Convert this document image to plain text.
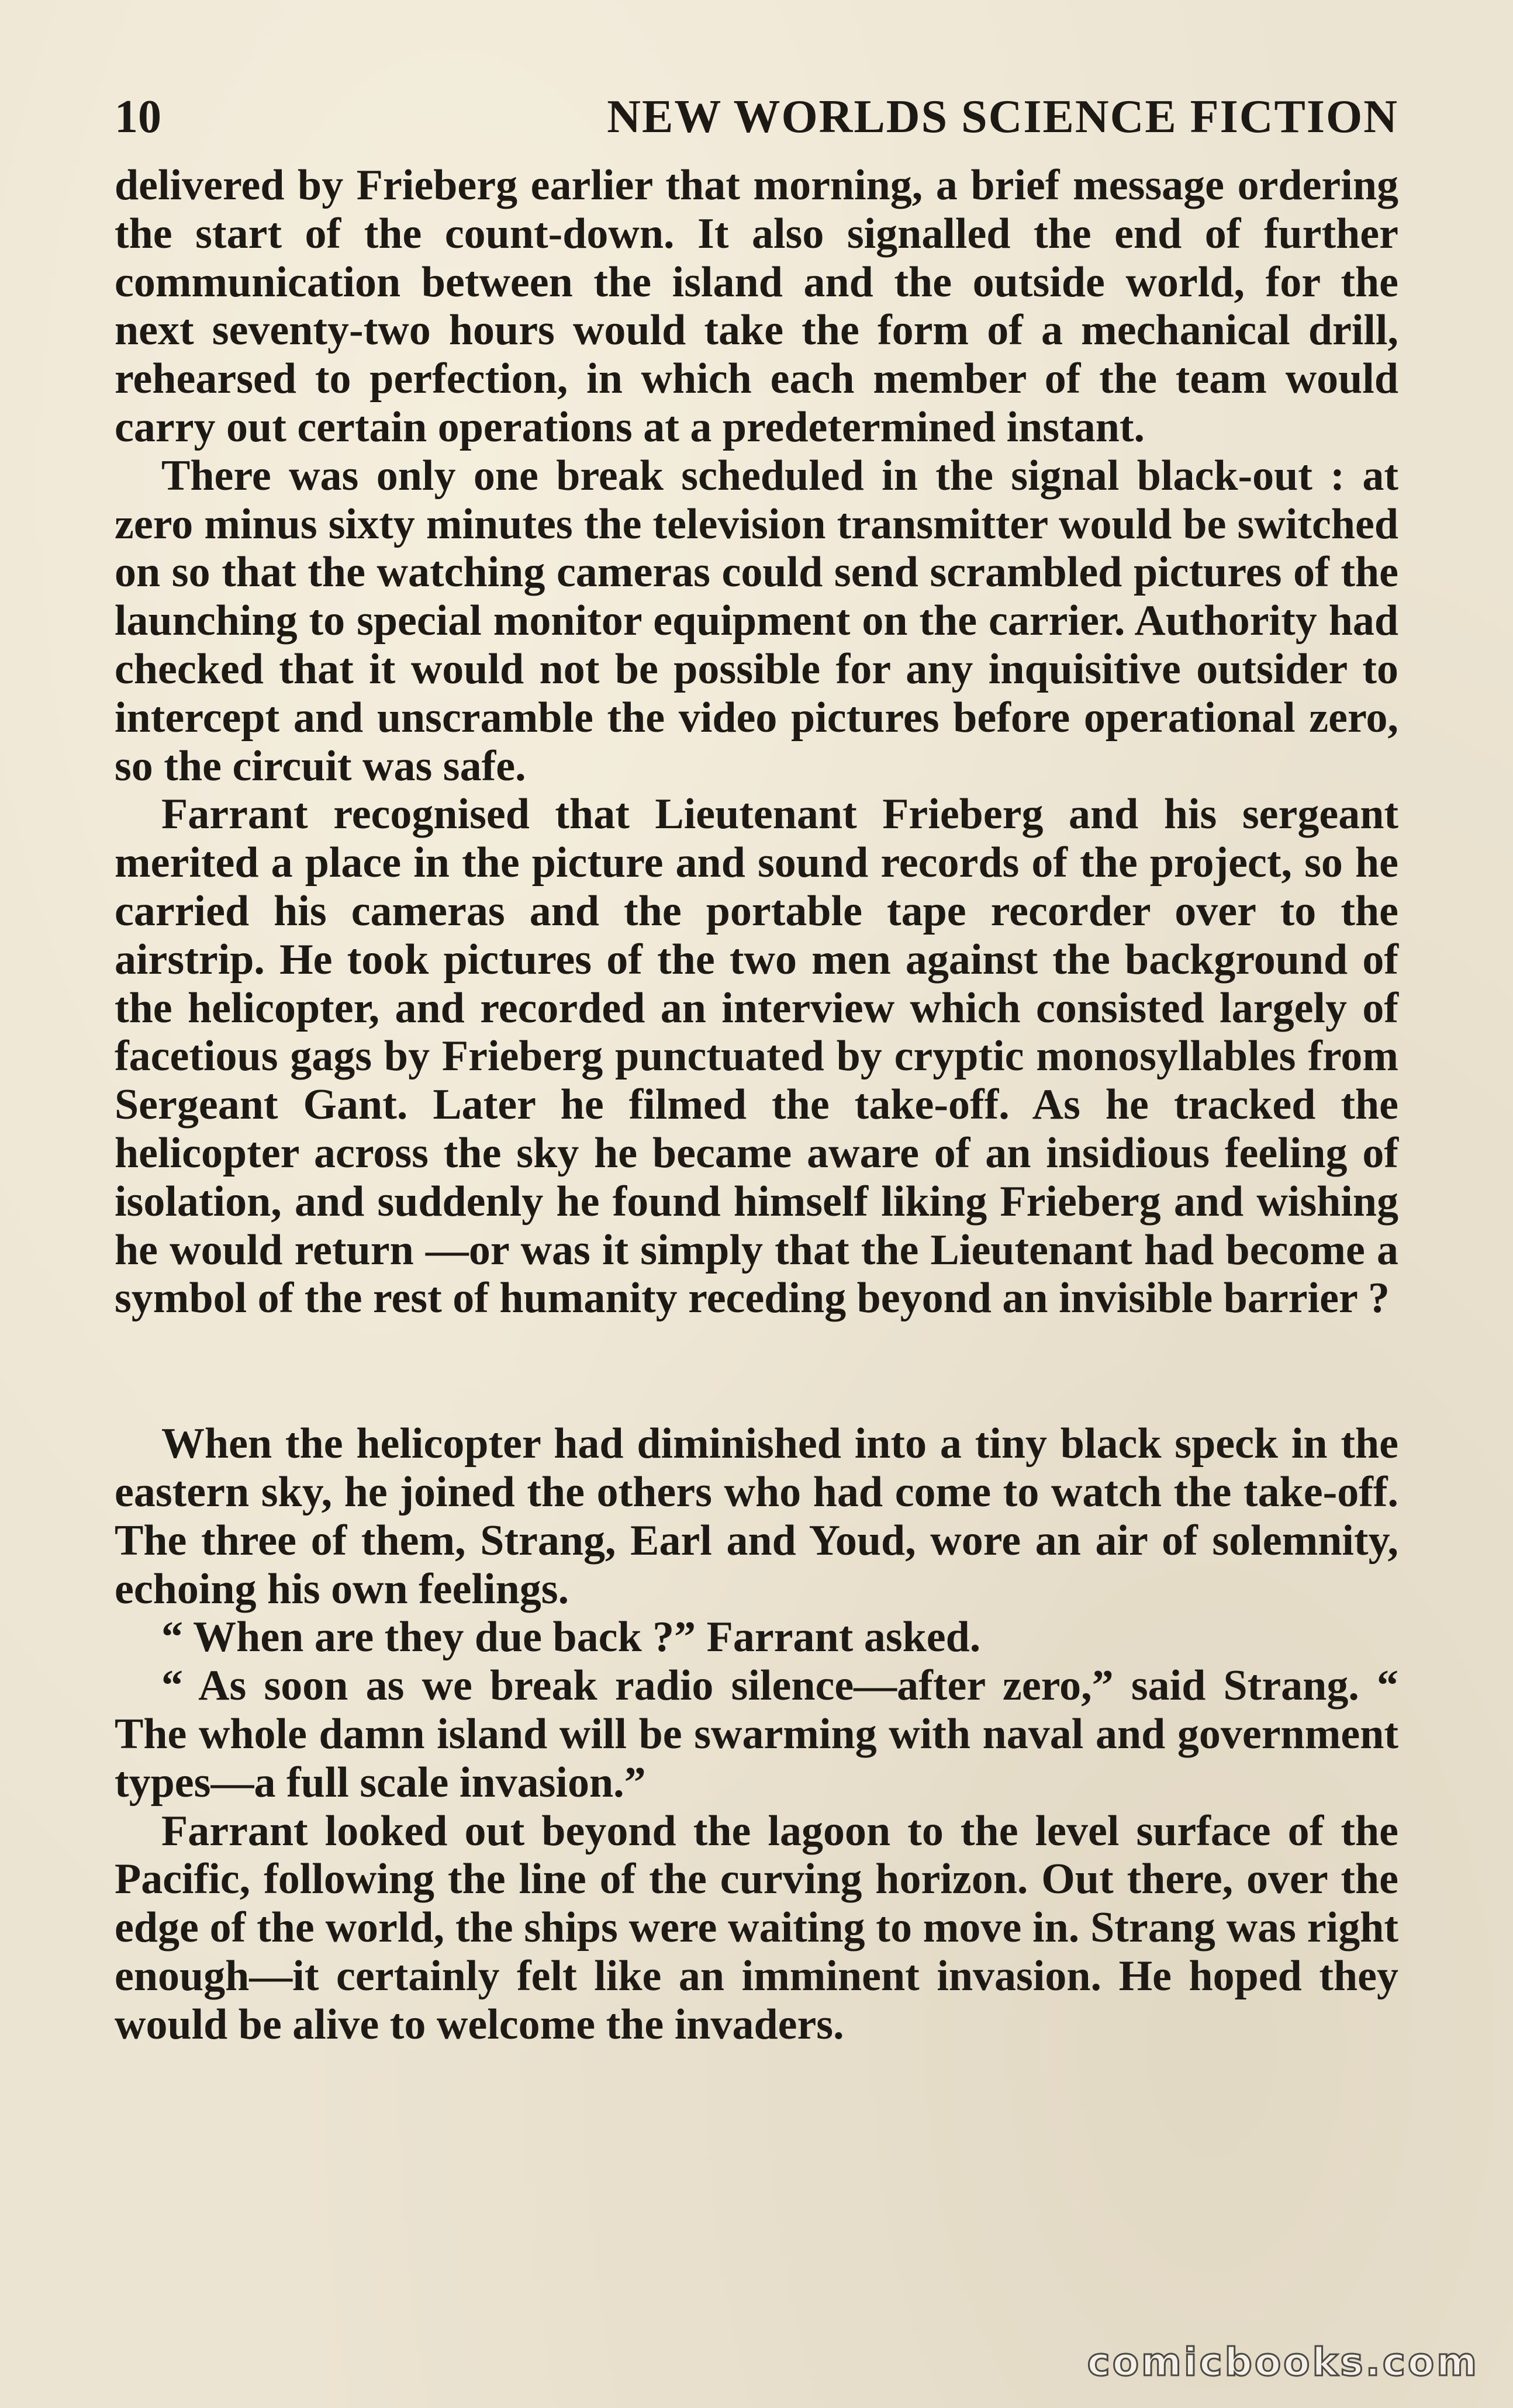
10	NEW WORLDS SCIENCE FICTION

delivered by Frieberg earlier that morning, a brief message ordering the start of the count-down. It also signalled the end of further communication between the island and the outside world, for the next seventy-two hours would take the form of a mechanical drill, rehearsed to perfection, in which each member of the team would carry out certain operations at a predetermined instant.

There was only one break scheduled in the signal black-out : at zero minus sixty minutes the television transmitter would be switched on so that the watching cameras could send scrambled pictures of the launching to special monitor equipment on the carrier. Authority had checked that it would not be possible for any inquisitive outsider to intercept and unscramble the video pictures before operational zero, so the circuit was safe.

Farrant recognised that Lieutenant Frieberg and his sergeant merited a place in the picture and sound records of the project, so he carried his cameras and the portable tape recorder over to the airstrip. He took pictures of the two men against the background of the helicopter, and recorded an interview which consisted largely of facetious gags by Frieberg punctuated by cryptic monosyllables from Sergeant Gant. Later he filmed the take-off. As he tracked the helicopter across the sky he became aware of an insidious feeling of isolation, and suddenly he found himself liking Frieberg and wishing he would return —or was it simply that the Lieutenant had become a symbol of the rest of humanity receding beyond an invisible barrier ?

When the helicopter had diminished into a tiny black speck in the eastern sky, he joined the others who had come to watch the take-off. The three of them, Strang, Earl and Youd, wore an air of solemnity, echoing his own feelings.

“ When are they due back ?” Farrant asked.

“ As soon as we break radio silence—after zero,” said Strang. “ The whole damn island will be swarming with naval and government types—a full scale invasion.”

Farrant looked out beyond the lagoon to the level surface of the Pacific, following the line of the curving horizon. Out there, over the edge of the world, the ships were waiting to move in. Strang was right enough—it certainly felt like an imminent invasion. He hoped they would be alive to welcome the invaders.

comicbooks.com
